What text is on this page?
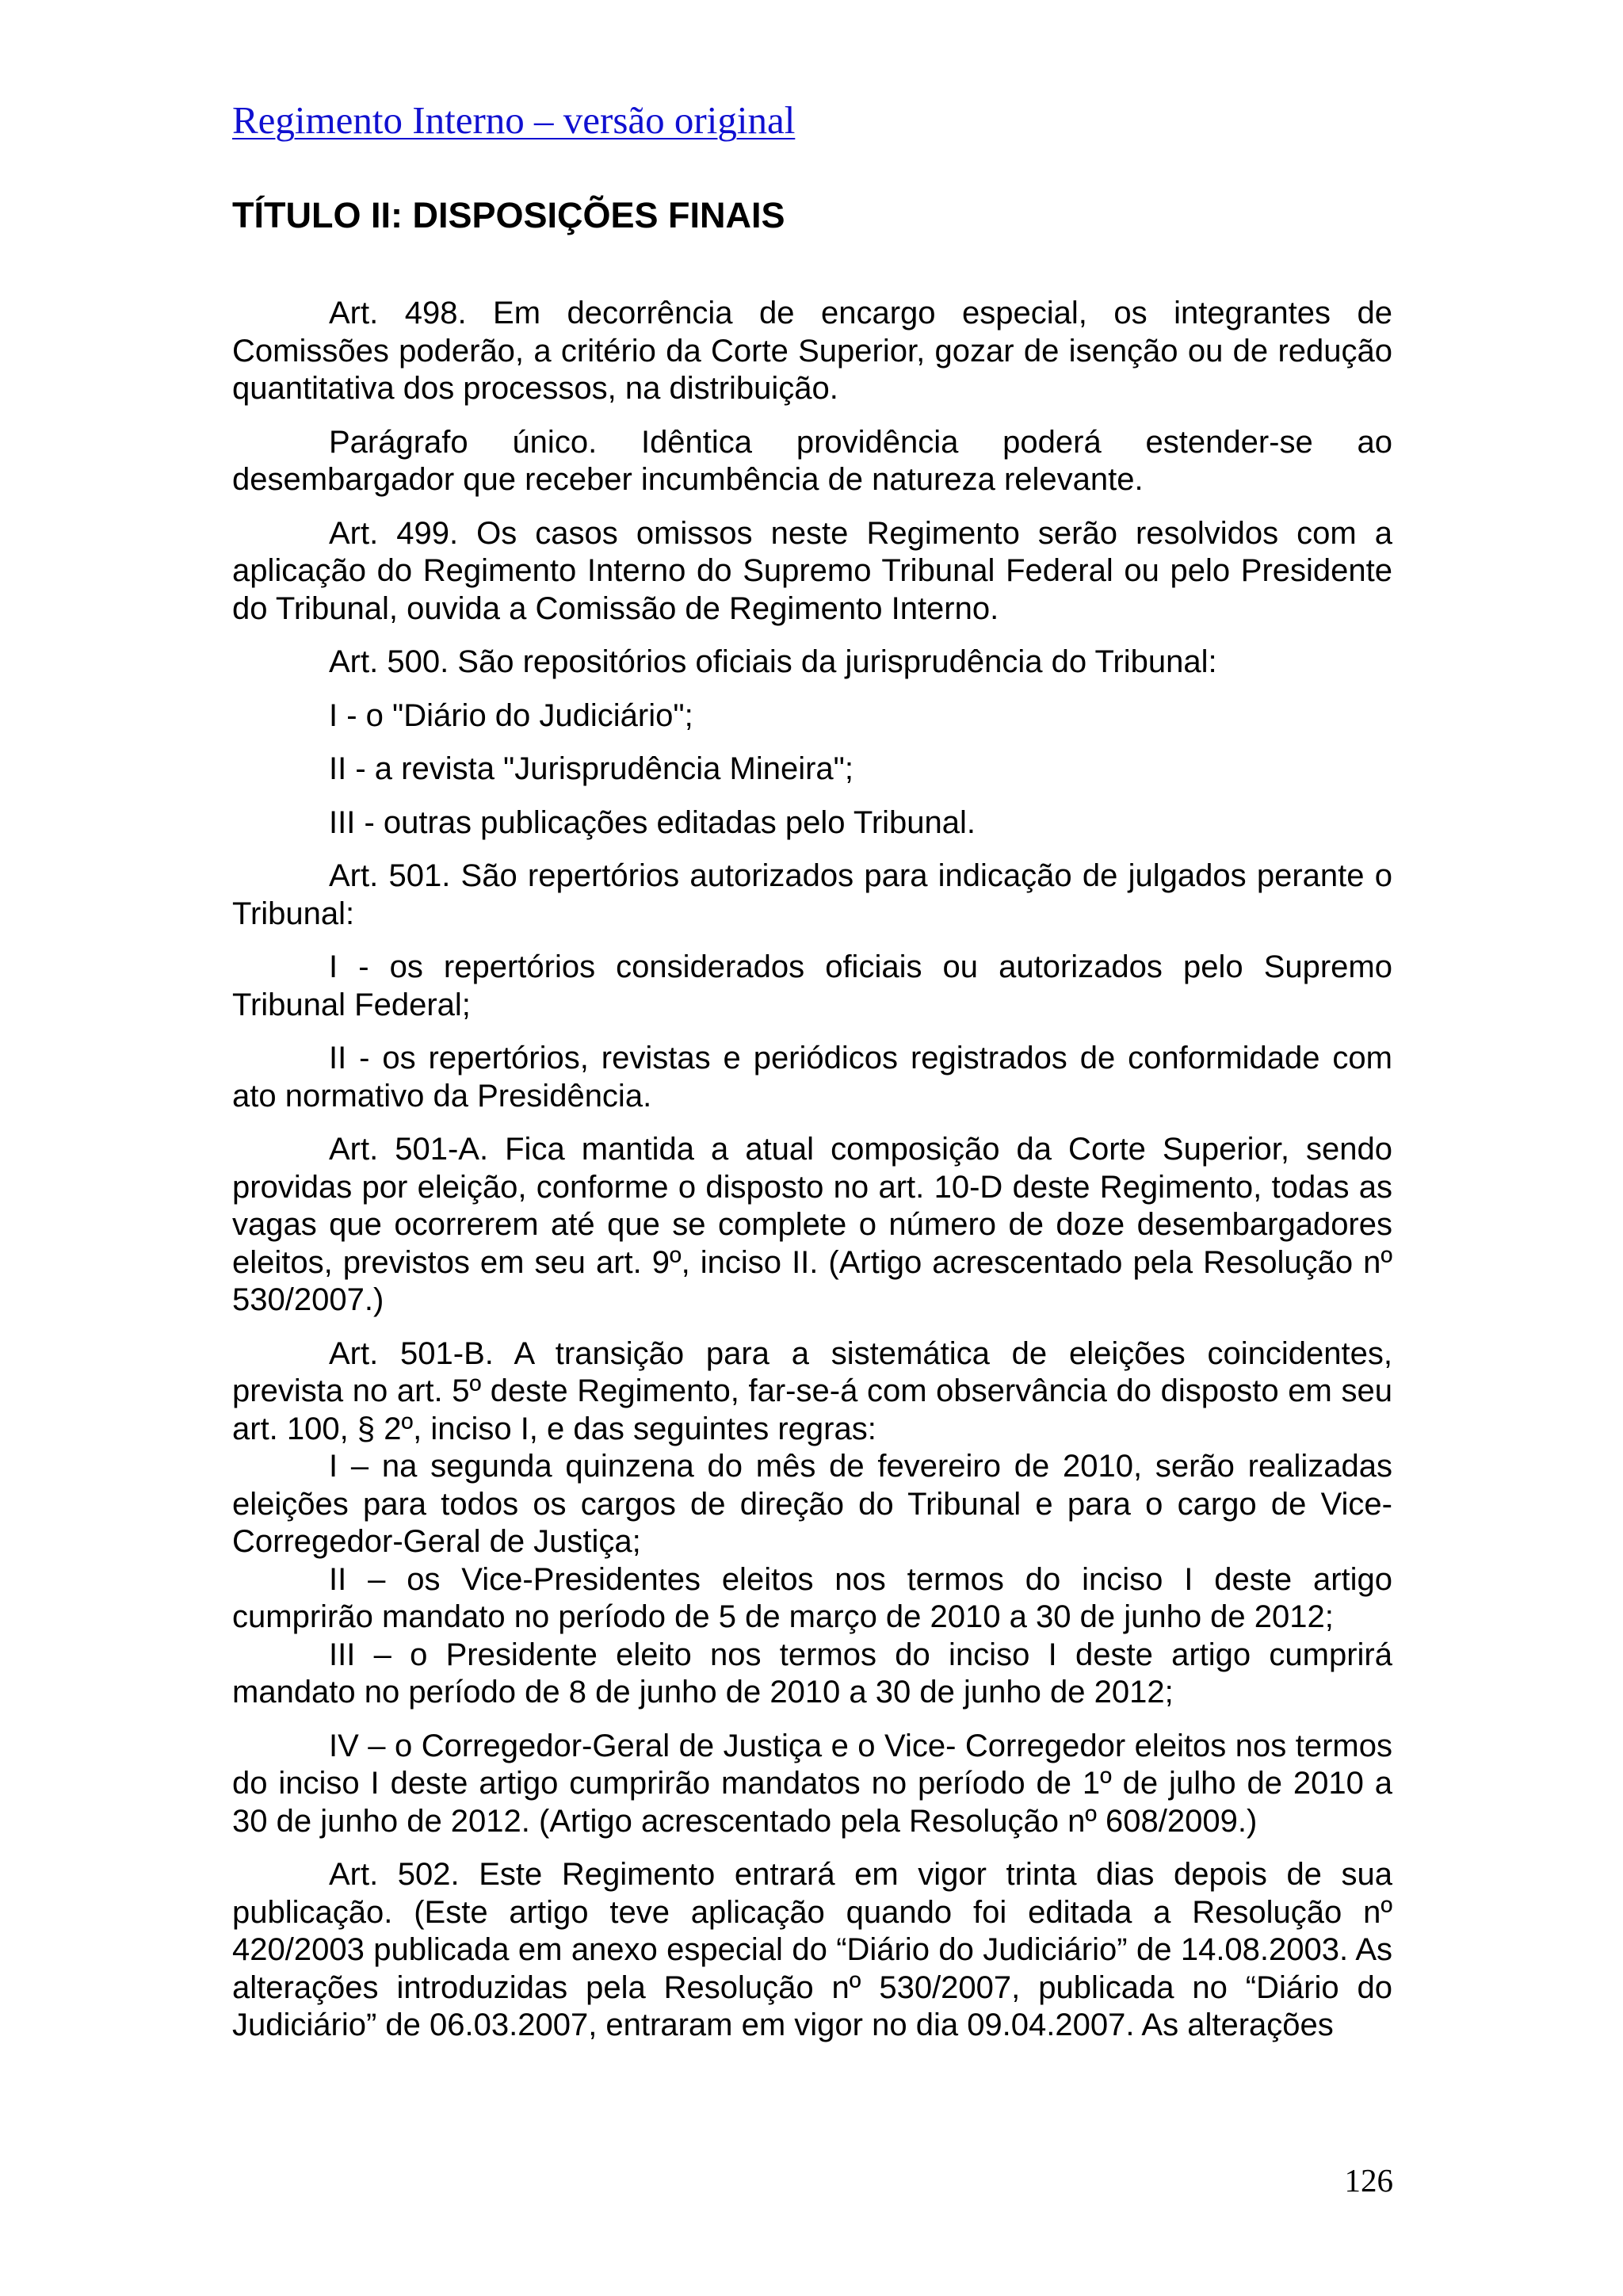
Regimento Interno – versão original
TÍTULO II: DISPOSIÇÕES FINAIS

Art. 498. Em decorrência de encargo especial, os integrantes de Comissões poderão, a critério da Corte Superior, gozar de isenção ou de redução quantitativa dos processos, na distribuição.

Parágrafo único. Idêntica providência poderá estender-se ao desembargador que receber incumbência de natureza relevante.

Art. 499. Os casos omissos neste Regimento serão resolvidos com a aplicação do Regimento Interno do Supremo Tribunal Federal ou pelo Presidente do Tribunal, ouvida a Comissão de Regimento Interno.

Art. 500. São repositórios oficiais da jurisprudência do Tribunal:

I - o "Diário do Judiciário";

II - a revista "Jurisprudência Mineira";

III - outras publicações editadas pelo Tribunal.

Art. 501. São repertórios autorizados para indicação de julgados perante o Tribunal:

I - os repertórios considerados oficiais ou autorizados pelo Supremo Tribunal Federal;

II - os repertórios, revistas e periódicos registrados de conformidade com ato normativo da Presidência.

Art. 501-A. Fica mantida a atual composição da Corte Superior, sendo providas por eleição, conforme o disposto no art. 10-D deste Regimento, todas as vagas que ocorrerem até que se complete o número de doze desembargadores eleitos, previstos em seu art. 9º, inciso II. (Artigo acrescentado pela Resolução nº 530/2007.)

Art. 501-B. A transição para a sistemática de eleições coincidentes, prevista no art. 5º deste Regimento, far-se-á com observância do disposto em seu art. 100, § 2º, inciso I, e das seguintes regras:

I – na segunda quinzena do mês de fevereiro de 2010, serão realizadas eleições para todos os cargos de direção do Tribunal e para o cargo de Vice-Corregedor-Geral de Justiça;

II – os Vice-Presidentes eleitos nos termos do inciso I deste artigo cumprirão mandato no período de 5 de março de 2010 a 30 de junho de 2012;

III – o Presidente eleito nos termos do inciso I deste artigo cumprirá mandato no período de 8 de junho de 2010 a 30 de junho de 2012;

IV – o Corregedor-Geral de Justiça e o Vice- Corregedor eleitos nos termos do inciso I deste artigo cumprirão mandatos no período de 1º de julho de 2010 a 30 de junho de 2012. (Artigo acrescentado pela Resolução nº 608/2009.)

Art. 502. Este Regimento entrará em vigor trinta dias depois de sua publicação. (Este artigo teve aplicação quando foi editada a Resolução nº 420/2003 publicada em anexo especial do “Diário do Judiciário” de 14.08.2003. As alterações introduzidas pela Resolução nº 530/2007, publicada no “Diário do Judiciário” de 06.03.2007, entraram em vigor no dia 09.04.2007. As alterações

126
